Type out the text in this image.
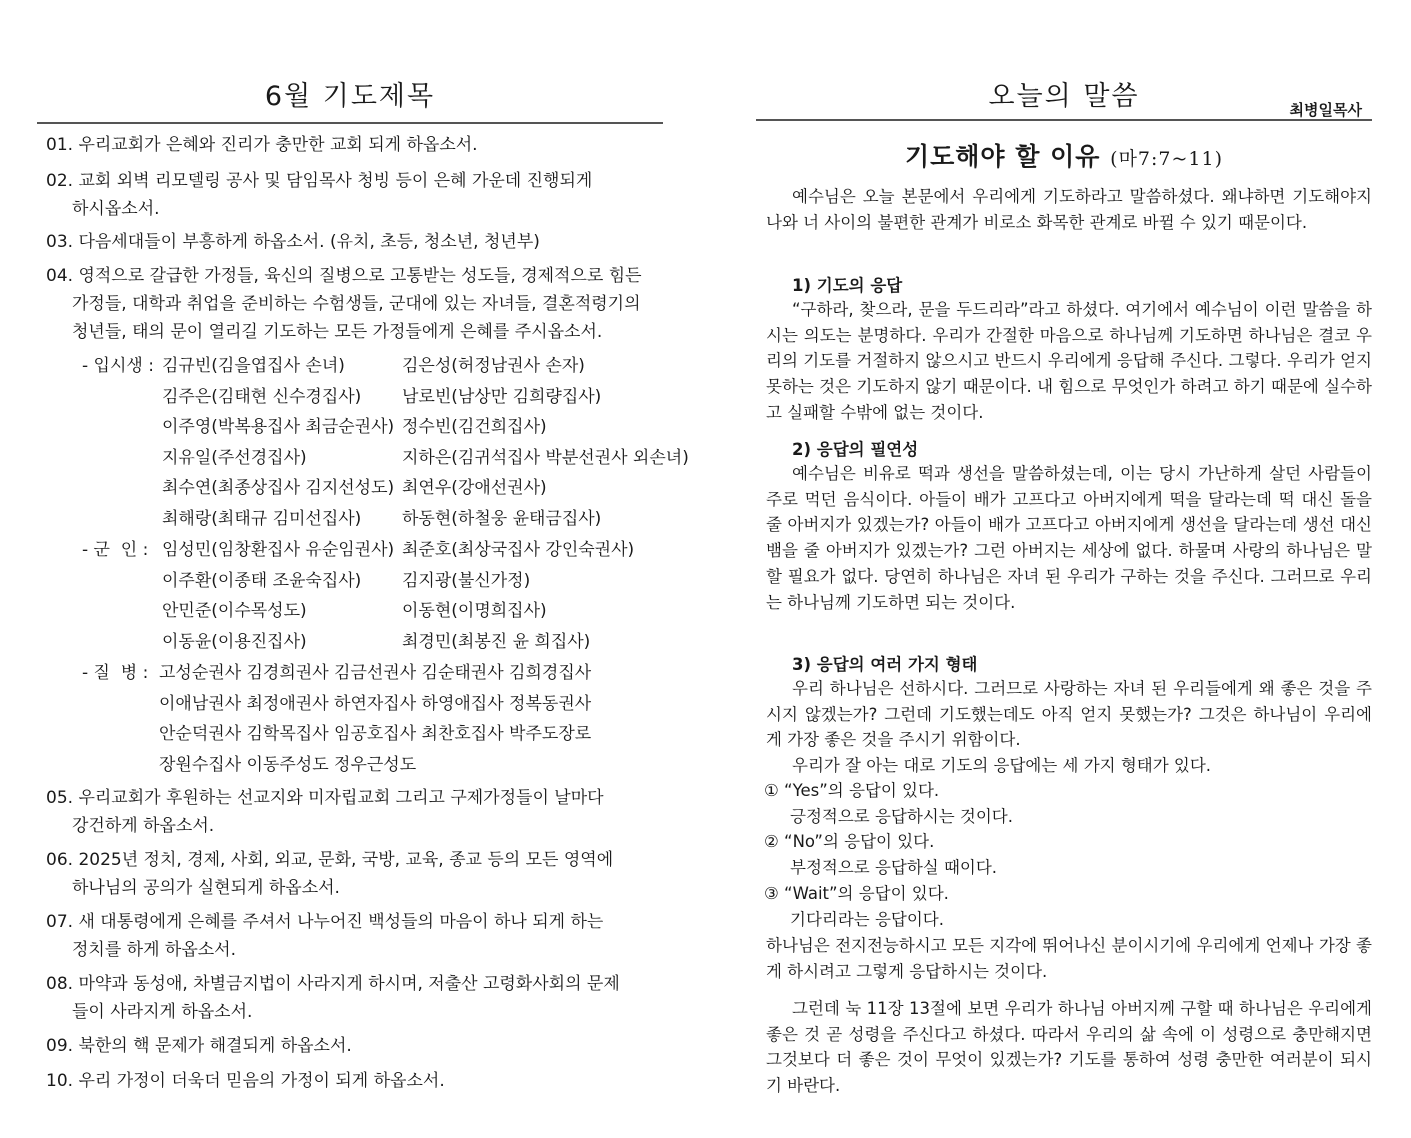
6월 기도제목
01. 우리교회가 은혜와 진리가 충만한 교회 되게 하옵소서.
02. 교회 외벽 리모델링 공사 및 담임목사 청빙 등이 은혜 가운데 진행되게
하시옵소서.
03. 다음세대들이 부흥하게 하옵소서. (유치, 초등, 청소년, 청년부)
04. 영적으로 갈급한 가정들, 육신의 질병으로 고통받는 성도들, 경제적으로 힘든
가정들, 대학과 취업을 준비하는 수험생들, 군대에 있는 자녀들, 결혼적령기의
청년들, 태의 문이 열리길 기도하는 모든 가정들에게 은혜를 주시옵소서.
- 입시생 : 김규빈(김을엽집사 손녀)	김은성(허정남권사 손자)
김주은(김태현 신수경집사) 남로빈(남상만 김희량집사)
이주영(박복용집사 최금순권사) 정수빈(김건희집사)
지유일(주선경집사)	지하은(김귀석집사 박분선권사 외손녀)
최수연(최종상집사 김지선성도) 최연우(강애선권사)
최해랑(최태규 김미선집사) 하동현(하철웅 윤태금집사)
- 군  인 : 임성민(임창환집사 유순임권사) 최준호(최상국집사 강인숙권사)
이주환(이종태 조윤숙집사) 김지광(불신가정)
안민준(이수목성도)	이동현(이명희집사)
이동윤(이용진집사)	최경민(최봉진 윤 희집사)
- 질  병 : 고성순권사 김경희권사 김금선권사 김순태권사 김희경집사
이애남권사 최정애권사 하연자집사 하영애집사 정복동권사
안순덕권사 김학목집사 임공호집사 최찬호집사 박주도장로
장원수집사 이동주성도 정우근성도
05. 우리교회가 후원하는 선교지와 미자립교회 그리고 구제가정들이 날마다
강건하게 하옵소서.
06. 2025년 정치, 경제, 사회, 외교, 문화, 국방, 교육, 종교 등의 모든 영역에
하나님의 공의가 실현되게 하옵소서.
07. 새 대통령에게 은혜를 주셔서 나누어진 백성들의 마음이 하나 되게 하는
정치를 하게 하옵소서.
08. 마약과 동성애, 차별금지법이 사라지게 하시며, 저출산 고령화사회의 문제
들이 사라지게 하옵소서.
09. 북한의 핵 문제가 해결되게 하옵소서.
10. 우리 가정이 더욱더 믿음의 가정이 되게 하옵소서.
오늘의 말씀	최병일목사
기도해야 할 이유 (마7:7~11)
예수님은 오늘 본문에서 우리에게 기도하라고 말씀하셨다. 왜냐하면 기도해야지 나와 너 사이의 불편한 관계가 비로소 화목한 관계로 바뀔 수 있기 때문이다.
1) 기도의 응답
“구하라, 찾으라, 문을 두드리라”라고 하셨다. 여기에서 예수님이 이런 말씀을 하시는 의도는 분명하다. 우리가 간절한 마음으로 하나님께 기도하면 하나님은 결코 우리의 기도를 거절하지 않으시고 반드시 우리에게 응답해 주신다. 그렇다. 우리가 얻지 못하는 것은 기도하지 않기 때문이다. 내 힘으로 무엇인가 하려고 하기 때문에 실수하고 실패할 수밖에 없는 것이다.
2) 응답의 필연성
예수님은 비유로 떡과 생선을 말씀하셨는데, 이는 당시 가난하게 살던 사람들이 주로 먹던 음식이다. 아들이 배가 고프다고 아버지에게 떡을 달라는데 떡 대신 돌을 줄 아버지가 있겠는가? 아들이 배가 고프다고 아버지에게 생선을 달라는데 생선 대신 뱀을 줄 아버지가 있겠는가? 그런 아버지는 세상에 없다. 하물며 사랑의 하나님은 말할 필요가 없다. 당연히 하나님은 자녀 된 우리가 구하는 것을 주신다. 그러므로 우리는 하나님께 기도하면 되는 것이다.
3) 응답의 여러 가지 형태

우리 하나님은 선하시다. 그러므로 사랑하는 자녀 된 우리들에게 왜 좋은 것을 주시지 않겠는가? 그런데 기도했는데도 아직 얻지 못했는가? 그것은 하나님이 우리에게 가장 좋은 것을 주시기 위함이다.

우리가 잘 아는 대로 기도의 응답에는 세 가지 형태가 있다.

① “Yes”의 응답이 있다.

긍정적으로 응답하시는 것이다.

② “No”의 응답이 있다.

부정적으로 응답하실 때이다.

③ “Wait”의 응답이 있다.

기다리라는 응답이다.

하나님은 전지전능하시고 모든 지각에 뛰어나신 분이시기에 우리에게 언제나 가장 좋게 하시려고 그렇게 응답하시는 것이다.
그런데 눅 11장 13절에 보면 우리가 하나님 아버지께 구할 때 하나님은 우리에게 좋은 것 곧 성령을 주신다고 하셨다. 따라서 우리의 삶 속에 이 성령으로 충만해지면 그것보다 더 좋은 것이 무엇이 있겠는가? 기도를 통하여 성령 충만한 여러분이 되시기 바란다.
